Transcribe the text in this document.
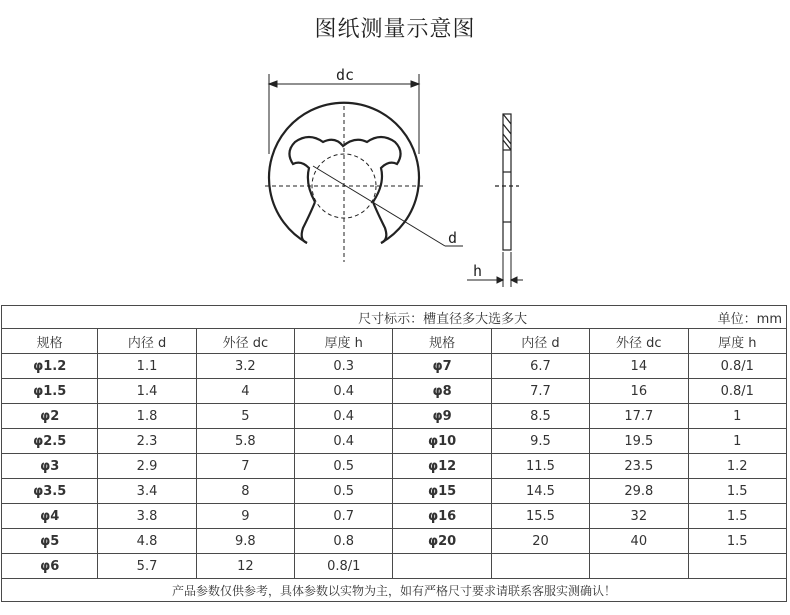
图纸测量示意图
dc
d
h
尺寸标示：槽直径多大选多大 单位：mm							

规格	内径 d	外径 dc	厚度 h	规格	内径 d	外径 dc	厚度 h
φ1.2	1.1	3.2	0.3	φ7	6.7	14	0.8/1
φ1.5	1.4	4	0.4	φ8	7.7	16	0.8/1
φ2	1.8	5	0.4	φ9	8.5	17.7	1
φ2.5	2.3	5.8	0.4	φ10	9.5	19.5	1
φ3	2.9	7	0.5	φ12	11.5	23.5	1.2
φ3.5	3.4	8	0.5	φ15	14.5	29.8	1.5
φ4	3.8	9	0.7	φ16	15.5	32	1.5
φ5	4.8	9.8	0.8	φ20	20	40	1.5
φ6	5.7	12	0.8/1				
产品参数仅供参考，具体参数以实物为主，如有严格尺寸要求请联系客服实测确认！							
